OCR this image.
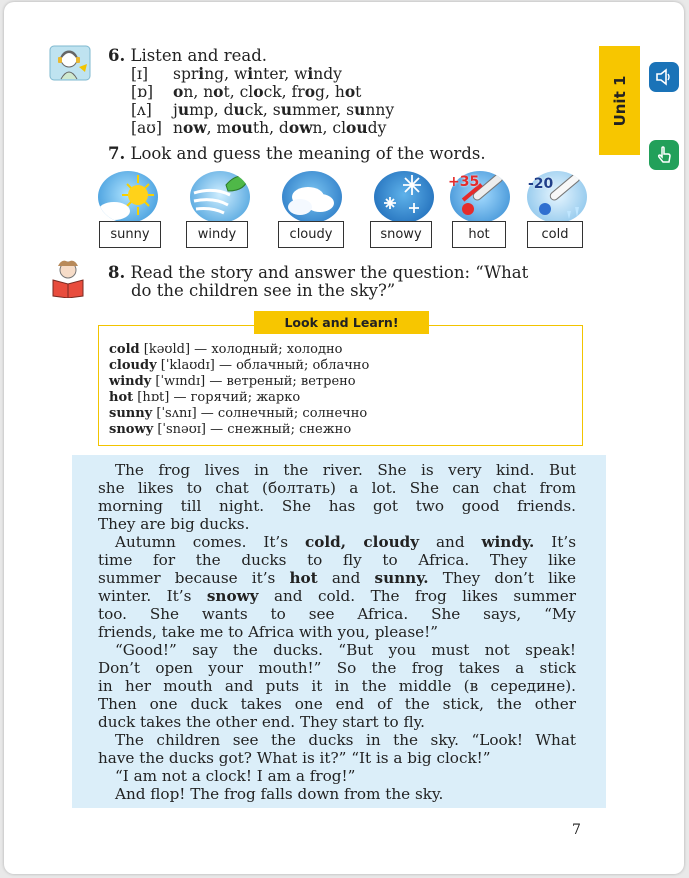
6. Listen and read.
[ɪ] spring, winter, windy
[ɒ] on, not, clock, frog, hot
[ʌ] jump, duck, summer, sunny
[aʊ] now, mouth, down, cloudy
Unit 1
7. Look and guess the meaning of the words.
+35	-20
sunny	windy	cloudy	snowy	hot	cold
8. Read the story and answer the question: “What
do the children see in the sky?”
Look and Learn!
cold [kəʊld] — холодный; холодно
cloudy [ˈklaʊdɪ] — облачный; облачно
windy [ˈwɪndɪ] — ветреный; ветрено
hot [hɒt] — горячий; жарко
sunny [ˈsʌnɪ] — солнечный; солнечно
snowy [ˈsnəʊɪ] — снежный; снежно
The frog lives in the river. She is very kind. But
she likes to chat (болтать) a lot. She can chat from
morning till night. She has got two good friends.
They are big ducks.
Autumn comes. It’s cold, cloudy and windy. It’s
time for the ducks to fly to Africa. They like
summer because it’s hot and sunny. They don’t like
winter. It’s snowy and cold. The frog likes summer
too. She wants to see Africa. She says, “My
friends, take me to Africa with you, please!”
“Good!” say the ducks. “But you must not speak!
Don’t open your mouth!” So the frog takes a stick
in her mouth and puts it in the middle (в середине).
Then one duck takes one end of the stick, the other
duck takes the other end. They start to fly.
The children see the ducks in the sky. “Look! What
have the ducks got? What is it?” “It is a big clock!”
“I am not a clock! I am a frog!”
And flop! The frog falls down from the sky.
7
